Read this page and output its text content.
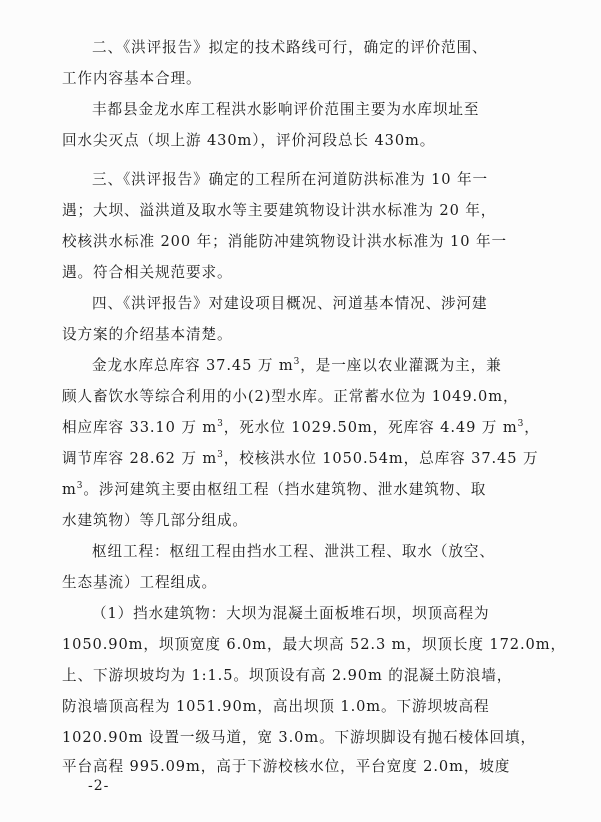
二、《洪评报告》拟定的技术路线可行，确定的评价范围、
工作内容基本合理。
丰都县金龙水库工程洪水影响评价范围主要为水库坝址至
回水尖灭点（坝上游 430m），评价河段总长 430m。
三、《洪评报告》确定的工程所在河道防洪标准为 10 年一
遇；大坝、溢洪道及取水等主要建筑物设计洪水标准为 20 年，
校核洪水标准 200 年；消能防冲建筑物设计洪水标准为 10 年一
遇。符合相关规范要求。
四、《洪评报告》对建设项目概况、河道基本情况、涉河建
设方案的介绍基本清楚。
金龙水库总库容 37.45 万 $m^3$，是一座以农业灌溉为主，兼
顾人畜饮水等综合利用的小(2)型水库。正常蓄水位为 1049.0m，
相应库容 33.10 万 $m^3$，死水位 1029.50m，死库容 4.49 万 $m^3$，
调节库容 28.62 万 $m^3$，校核洪水位 1050.54m，总库容 37.45 万
$m^3$。涉河建筑主要由枢纽工程（挡水建筑物、泄水建筑物、取
水建筑物）等几部分组成。
枢纽工程：枢纽工程由挡水工程、泄洪工程、取水（放空、
生态基流）工程组成。
（1）挡水建筑物：大坝为混凝土面板堆石坝，坝顶高程为
1050.90m，坝顶宽度 6.0m，最大坝高 52.3 m，坝顶长度 172.0m，
上、下游坝坡均为 1:1.5。坝顶设有高 2.90m 的混凝土防浪墙，
防浪墙顶高程为 1051.90m，高出坝顶 1.0m。下游坝坡高程
1020.90m 设置一级马道，宽 3.0m。下游坝脚设有抛石棱体回填，
平台高程 995.09m，高于下游校核水位，平台宽度 2.0m，坡度
-2-
